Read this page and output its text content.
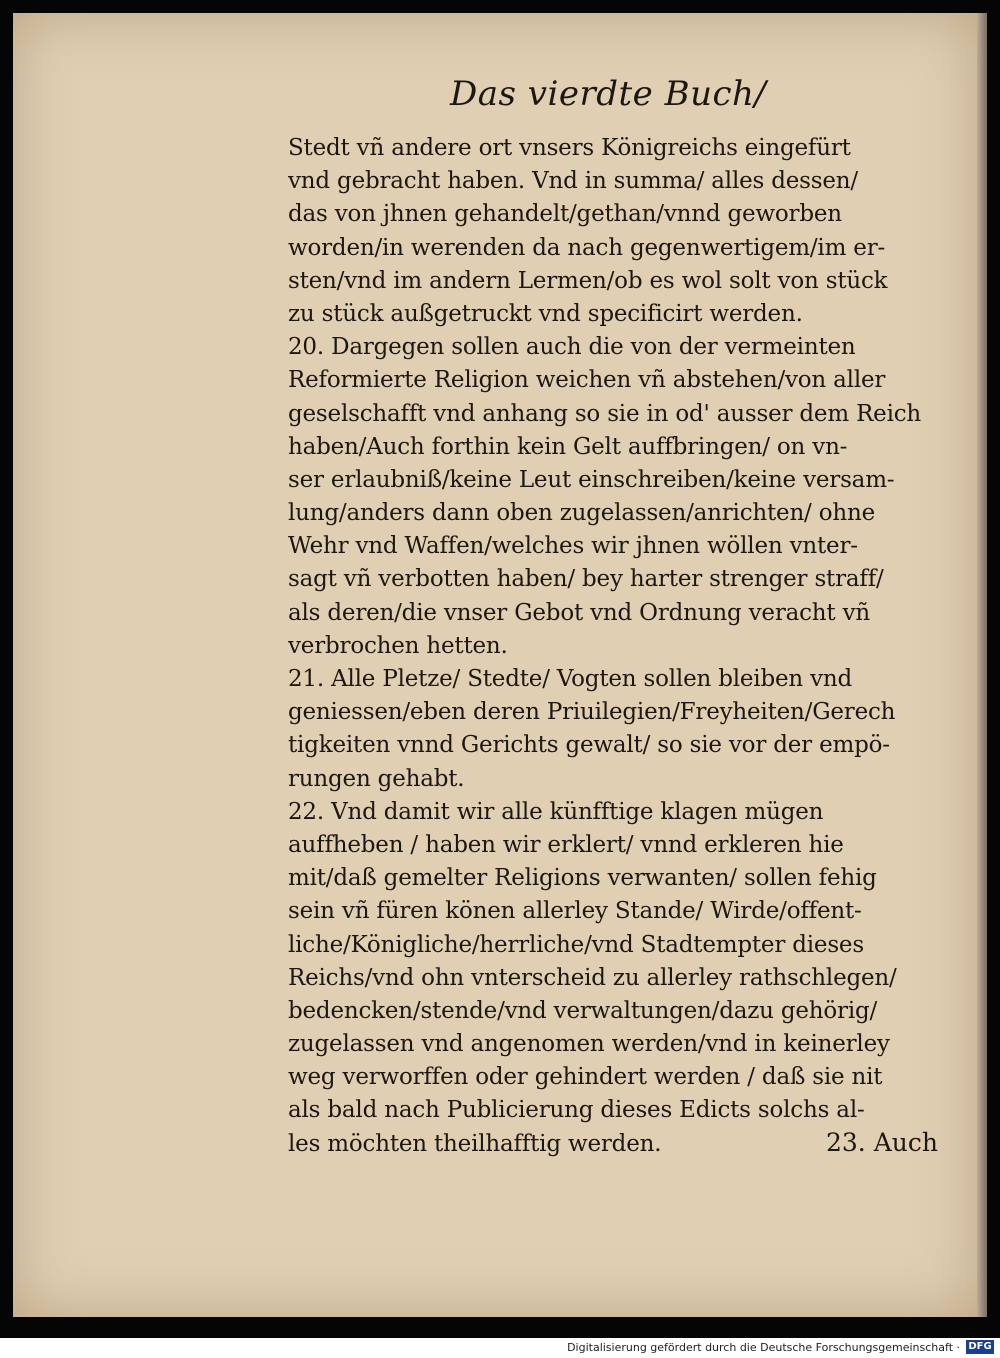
Das vierdte Buch/
Stedt vñ andere ort vnsers Königreichs eingefürt
vnd gebracht haben. Vnd in summa/ alles dessen/
das von jhnen gehandelt/gethan/vnnd geworben
worden/in werenden da nach gegenwertigem/im er-
sten/vnd im andern Lermen/ob es wol solt von stück
zu stück außgetruckt vnd specificirt werden.
20. Dargegen sollen auch die von der vermeinten
Reformierte Religion weichen vñ abstehen/von aller
geselschafft vnd anhang so sie in od' ausser dem Reich
haben/Auch forthin kein Gelt auffbringen/ on vn-
ser erlaubniß/keine Leut einschreiben/keine versam-
lung/anders dann oben zugelassen/anrichten/ ohne
Wehr vnd Waffen/welches wir jhnen wöllen vnter-
sagt vñ verbotten haben/ bey harter strenger straff/
als deren/die vnser Gebot vnd Ordnung veracht vñ
verbrochen hetten.
21. Alle Pletze/ Stedte/ Vogten sollen bleiben vnd
geniessen/eben deren Priuilegien/Freyheiten/Gerech
tigkeiten vnnd Gerichts gewalt/ so sie vor der empö-
rungen gehabt.
22. Vnd damit wir alle künfftige klagen mügen
auffheben / haben wir erklert/ vnnd erkleren hie
mit/daß gemelter Religions verwanten/ sollen fehig
sein vñ füren könen allerley Stande/ Wirde/offent-
liche/Königliche/herrliche/vnd Stadtempter dieses
Reichs/vnd ohn vnterscheid zu allerley rathschlegen/
bedencken/stende/vnd verwaltungen/dazu gehörig/
zugelassen vnd angenomen werden/vnd in keinerley
weg verworffen oder gehindert werden / daß sie nit
als bald nach Publicierung dieses Edicts solchs al-
les möchten theilhafftig werden.	23. Auch
Digitalisierung gefördert durch die Deutsche Forschungsgemeinschaft · DFG
